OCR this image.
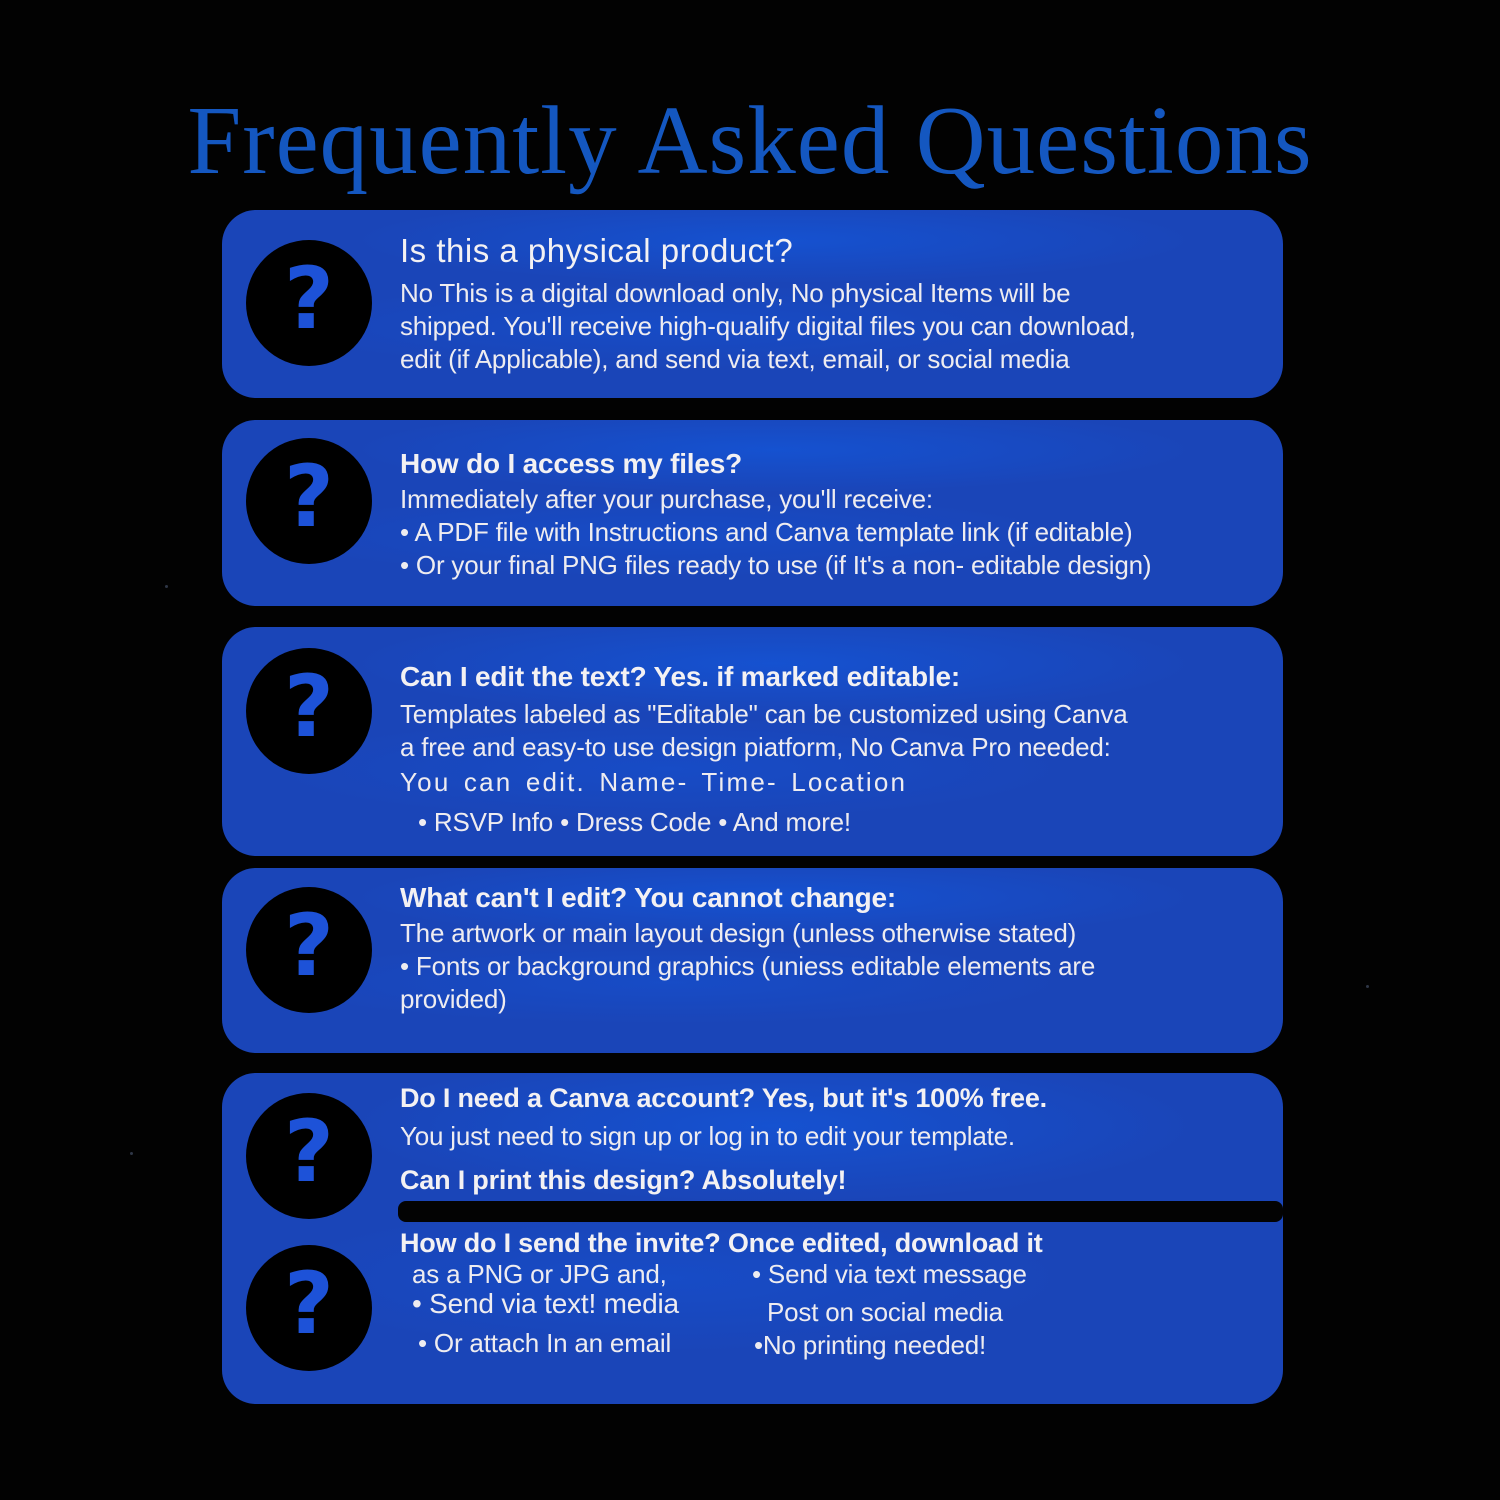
Frequently Asked Questions
? Is this a physical product?
No This is a digital download only, No physical Items will be
shipped. You'll receive high-qualify digital files you can download,
edit (if Applicable), and send via text, email, or social media
? How do I access my files?
Immediately after your purchase, you'll receive:
• A PDF file with Instructions and Canva template link (if editable)
• Or your final PNG files ready to use (if It's a non- editable design)
? Can I edit the text? Yes. if marked editable:
Templates labeled as "Editable" can be customized using Canva
a free and easy-to use design piatform, No Canva Pro needed:
You can edit. Name- Time- Location
• RSVP Info • Dress Code • And more!
? What can't I edit? You cannot change:
The artwork or main layout design (unless otherwise stated)
• Fonts or background graphics (uniess editable elements are
provided)
?
?
Do I need a Canva account? Yes, but it's 100% free.
You just need to sign up or log in to edit your template.
Can I print this design? Absolutely!
How do I send the invite? Once edited, download it
as a PNG or JPG and,
• Send via text! media
• Or attach In an email
• Send via text message
Post on social media
•No printing needed!
